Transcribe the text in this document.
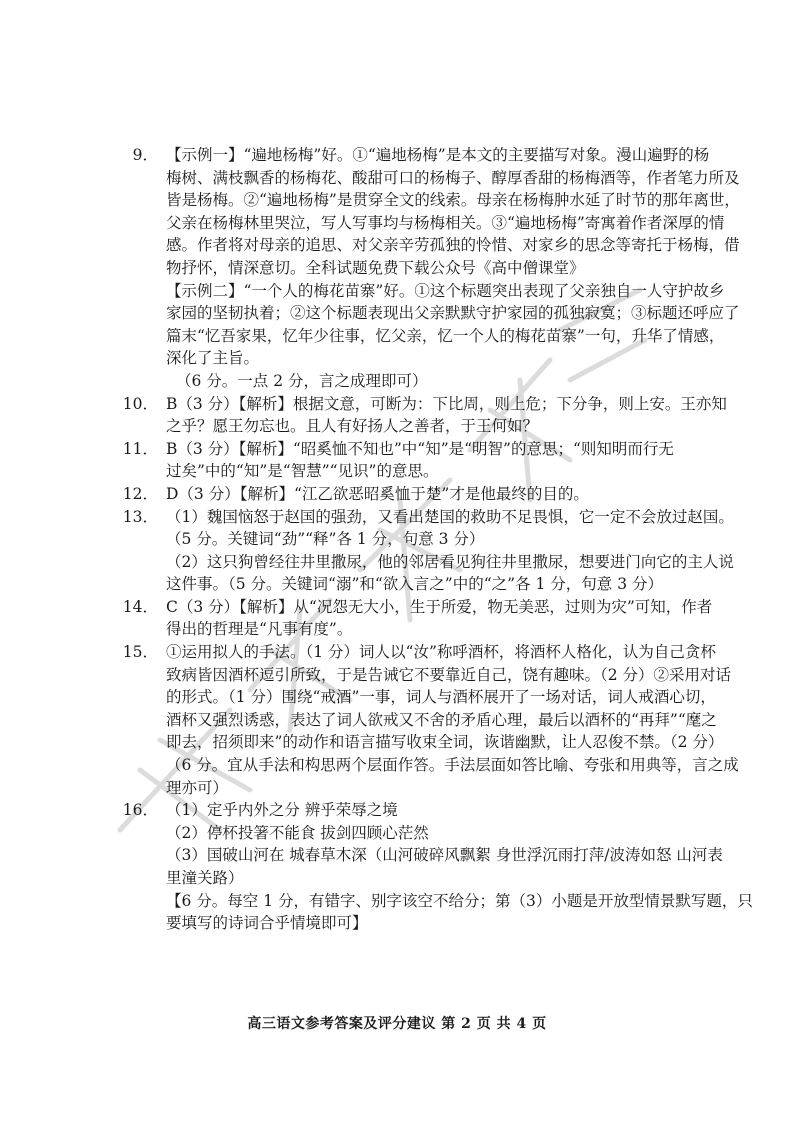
9． 【示例一】“遍地杨梅”好。①“遍地杨梅”是本文的主要描写对象。漫山遍野的杨
梅树、满枝飘香的杨梅花、酸甜可口的杨梅子、醇厚香甜的杨梅酒等，作者笔力所及
皆是杨梅。②“遍地杨梅”是贯穿全文的线索。母亲在杨梅肿水延了时节的那年离世，
父亲在杨梅林里哭泣，写人写事均与杨梅相关。③“遍地杨梅”寄寓着作者深厚的情
感。作者将对母亲的追思、对父亲辛劳孤独的怜惜、对家乡的思念等寄托于杨梅，借
物抒怀，情深意切。全科试题免费下载公众号《高中僧课堂》
【示例二】“一个人的梅花苗寨”好。①这个标题突出表现了父亲独自一人守护故乡
家园的坚韧执着；②这个标题表现出父亲默默守护家园的孤独寂寞；③标题还呼应了
篇末“忆吾家果，忆年少往事，忆父亲，忆一个人的梅花苗寨”一句，升华了情感，
深化了主旨。
（6 分。一点 2 分，言之成理即可）
10． B（3 分）【解析】根据文意，可断为：下比周，则上危；下分争，则上安。王亦知
之乎？愿王勿忘也。且人有好扬人之善者，于王何如？
11． B（3 分）【解析】“昭奚恤不知也”中“知”是“明智”的意思；“则知明而行无
过矣”中的“知”是“智慧”“见识”的意思。
12． D（3 分）【解析】“江乙欲恶昭奚恤于楚”才是他最终的目的。
13． （1）魏国恼怒于赵国的强劲，又看出楚国的救助不足畏惧，它一定不会放过赵国。
（5 分。关键词“劲”“释”各 1 分，句意 3 分）
（2）这只狗曾经往井里撒尿，他的邻居看见狗往井里撒尿，想要进门向它的主人说
这件事。（5 分。关键词“溺”和“欲入言之”中的“之”各 1 分，句意 3 分）
14． C（3 分）【解析】从“况怨无大小，生于所爱，物无美恶，过则为灾”可知，作者
得出的哲理是“凡事有度”。
15． ①运用拟人的手法。（1 分）词人以“汝”称呼酒杯，将酒杯人格化，认为自己贪杯
致病皆因酒杯逗引所致，于是告诫它不要靠近自己，饶有趣味。（2 分）②采用对话
的形式。（1 分）围绕“戒酒”一事，词人与酒杯展开了一场对话，词人戒酒心切，
酒杯又强烈诱惑，表达了词人欲戒又不舍的矛盾心理，最后以酒杯的“再拜”“麾之
即去，招须即来”的动作和语言描写收束全词，诙谐幽默，让人忍俊不禁。（2 分）
（6 分。宜从手法和构思两个层面作答。手法层面如答比喻、夸张和用典等，言之成
理亦可）
16． （1）定乎内外之分 辨乎荣辱之境
（2）停杯投箸不能食 拔剑四顾心茫然
（3）国破山河在 城春草木深（山河破碎风飘絮 身世浮沉雨打萍/波涛如怒 山河表
里潼关路）
【6 分。每空 1 分，有错字、别字该空不给分；第（3）小题是开放型情景默写题，只
要填写的诗词合乎情境即可】
高三语文参考答案及评分建议 第 2 页 共 4 页
